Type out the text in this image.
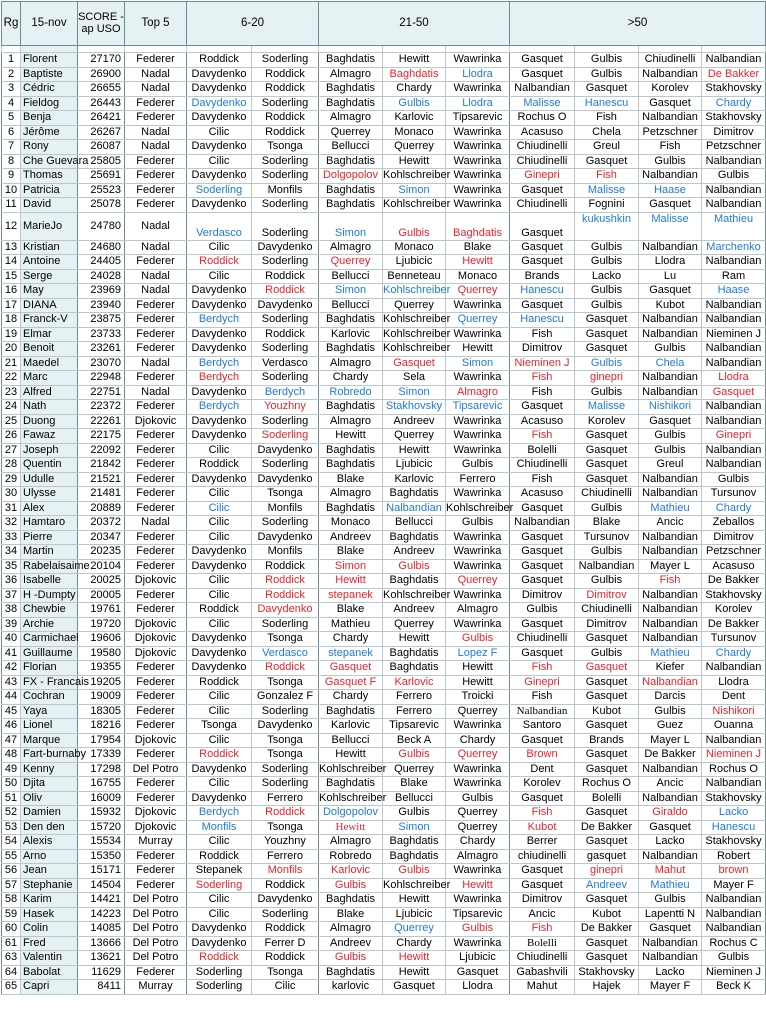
Rg	15-nov	SCORE - ap USO	Top 5	6-20		21-50			>50			

1	Florent	27170	Federer	Roddick	Soderling	Baghdatis	Hewitt	Wawrinka	Gasquet	Gulbis	Chiudinelli	Nalbandian
2	Baptiste	26900	Nadal	Davydenko	Roddick	Almagro	Baghdatis	Llodra	Gasquet	Gulbis	Nalbandian	De Bakker
3	Cédric	26655	Nadal	Davydenko	Roddick	Baghdatis	Chardy	Wawrinka	Nalbandian	Gasquet	Korolev	Stakhovsky
4	Fieldog	26443	Federer	Davydenko	Soderling	Baghdatis	Gulbis	Llodra	Malisse	Hanescu	Gasquet	Chardy
5	Benja	26421	Federer	Davydenko	Roddick	Almagro	Karlovic	Tipsarevic	Rochus O	Fish	Nalbandian	Stakhovsky
6	Jérôme	26267	Nadal	Cilic	Roddick	Querrey	Monaco	Wawrinka	Acasuso	Chela	Petzschner	Dimitrov
7	Rony	26087	Nadal	Davydenko	Tsonga	Bellucci	Querrey	Wawrinka	Chiudinelli	Greul	Fish	Petzschner
8	Che Guevara	25805	Federer	Cilic	Soderling	Baghdatis	Hewitt	Wawrinka	Chiudinelli	Gasquet	Gulbis	Nalbandian
9	Thomas	25691	Federer	Davydenko	Soderling	Dolgopolov	Kohlschreiber	Wawrinka	Ginepri	Fish	Nalbandian	Gulbis
10	Patricia	25523	Federer	Soderling	Monfils	Baghdatis	Simon	Wawrinka	Gasquet	Malisse	Haase	Nalbandian
11	David	25078	Federer	Davydenko	Soderling	Baghdatis	Kohlschreiber	Wawrinka	Chiudinelli	Fognini	Gasquet	Nalbandian
12	MarieJo	24780	Nadal	Verdasco	Soderling	Simon	Gulbis	Baghdatis	Gasquet	kukushkin	Malisse	Mathieu
13	Kristian	24680	Nadal	Cilic	Davydenko	Almagro	Monaco	Blake	Gasquet	Gulbis	Nalbandian	Marchenko
14	Antoine	24405	Federer	Roddick	Soderling	Querrey	Ljubicic	Hewitt	Gasquet	Gulbis	Llodra	Nalbandian
15	Serge	24028	Nadal	Cilic	Roddick	Bellucci	Benneteau	Monaco	Brands	Lacko	Lu	Ram
16	May	23969	Nadal	Davydenko	Roddick	Simon	Kohlschreiber	Querrey	Hanescu	Gulbis	Gasquet	Haase
17	DIANA	23940	Federer	Davydenko	Davydenko	Bellucci	Querrey	Wawrinka	Gasquet	Gulbis	Kubot	Nalbandian
18	Franck-V	23875	Federer	Berdych	Soderling	Baghdatis	Kohlschreiber	Querrey	Hanescu	Gasquet	Nalbandian	Nalbandian
19	Elmar	23733	Federer	Davydenko	Roddick	Karlovic	Kohlschreiber	Wawrinka	Fish	Gasquet	Nalbandian	Nieminen J
20	Benoit	23261	Federer	Davydenko	Soderling	Baghdatis	Kohlschreiber	Hewitt	Dimitrov	Gasquet	Gulbis	Nalbandian
21	Maedel	23070	Nadal	Berdych	Verdasco	Almagro	Gasquet	Simon	Nieminen J	Gulbis	Chela	Nalbandian
22	Marc	22948	Federer	Berdych	Soderling	Chardy	Sela	Wawrinka	Fish	ginepri	Nalbandian	Llodra
23	Alfred	22751	Nadal	Davydenko	Berdych	Robredo	Simon	Almagro	Fish	Gulbis	Nalbandian	Gasquet
24	Nath	22372	Federer	Berdych	Youzhny	Baghdatis	Stakhovsky	Tipsarevic	Gasquet	Malisse	Nishikori	Nalbandian
25	Duong	22261	Djokovic	Davydenko	Soderling	Almagro	Andreev	Wawrinka	Acasuso	Korolev	Gasquet	Nalbandian
26	Fawaz	22175	Federer	Davydenko	Soderling	Hewitt	Querrey	Wawrinka	Fish	Gasquet	Gulbis	Ginepri
27	Joseph	22092	Federer	Cilic	Davydenko	Baghdatis	Hewitt	Wawrinka	Bolelli	Gasquet	Gulbis	Nalbandian
28	Quentin	21842	Federer	Roddick	Soderling	Baghdatis	Ljubicic	Gulbis	Chiudinelli	Gasquet	Greul	Nalbandian
29	Udulle	21521	Federer	Davydenko	Davydenko	Blake	Karlovic	Ferrero	Fish	Gasquet	Nalbandian	Gulbis
30	Ulysse	21481	Federer	Cilic	Tsonga	Almagro	Baghdatis	Wawrinka	Acasuso	Chiudinelli	Nalbandian	Tursunov
31	Alex	20889	Federer	Cilic	Monfils	Baghdatis	Nalbandian	Kohlschreiber	Gasquet	Gulbis	Mathieu	Chardy
32	Hamtaro	20372	Nadal	Cilic	Soderling	Monaco	Bellucci	Gulbis	Nalbandian	Blake	Ancic	Zeballos
33	Pierre	20347	Federer	Cilic	Davydenko	Andreev	Baghdatis	Wawrinka	Gasquet	Tursunov	Nalbandian	Dimitrov
34	Martin	20235	Federer	Davydenko	Monfils	Blake	Andreev	Wawrinka	Gasquet	Gulbis	Nalbandian	Petzschner
35	Rabelaisaime	20104	Federer	Davydenko	Roddick	Simon	Gulbis	Wawrinka	Gasquet	Nalbandian	Mayer L	Acasuso
36	Isabelle	20025	Djokovic	Cilic	Roddick	Hewitt	Baghdatis	Querrey	Gasquet	Gulbis	Fish	De Bakker
37	H -Dumpty	20005	Federer	Cilic	Roddick	stepanek	Kohlschreiber	Wawrinka	Dimitrov	Dimitrov	Nalbandian	Stakhovsky
38	Chewbie	19761	Federer	Roddick	Davydenko	Blake	Andreev	Almagro	Gulbis	Chiudinelli	Nalbandian	Korolev
39	Archie	19720	Djokovic	Cilic	Soderling	Mathieu	Querrey	Wawrinka	Gasquet	Dimitrov	Nalbandian	De Bakker
40	Carmichael	19606	Djokovic	Davydenko	Tsonga	Chardy	Hewitt	Gulbis	Chiudinelli	Gasquet	Nalbandian	Tursunov
41	Guillaume	19580	Djokovic	Davydenko	Verdasco	stepanek	Baghdatis	Lopez F	Gasquet	Gulbis	Mathieu	Chardy
42	Florian	19355	Federer	Davydenko	Roddick	Gasquet	Baghdatis	Hewitt	Fish	Gasquet	Kiefer	Nalbandian
43	FX - Francais	19205	Federer	Roddick	Tsonga	Gasquet F	Karlovic	Hewitt	Ginepri	Gasquet	Nalbandian	Llodra
44	Cochran	19009	Federer	Cilic	Gonzalez F	Chardy	Ferrero	Troicki	Fish	Gasquet	Darcis	Dent
45	Yaya	18305	Federer	Cilic	Soderling	Baghdatis	Ferrero	Querrey	Nalbandian	Kubot	Gulbis	Nishikori
46	Lionel	18216	Federer	Tsonga	Davydenko	Karlovic	Tipsarevic	Wawrinka	Santoro	Gasquet	Guez	Ouanna
47	Marque	17954	Djokovic	Cilic	Tsonga	Bellucci	Beck A	Chardy	Gasquet	Brands	Mayer L	Nalbandian
48	Fart-burnaby	17339	Federer	Roddick	Tsonga	Hewitt	Gulbis	Querrey	Brown	Gasquet	De Bakker	Nieminen J
49	Kenny	17298	Del Potro	Davydenko	Soderling	Kohlschreiber	Querrey	Wawrinka	Dent	Gasquet	Nalbandian	Rochus O
50	Djita	16755	Federer	Cilic	Soderling	Baghdatis	Blake	Wawrinka	Korolev	Rochus O	Ancic	Nalbandian
51	Oliv	16009	Federer	Davydenko	Ferrero	Kohlschreiber	Bellucci	Gulbis	Gasquet	Bolelli	Nalbandian	Stakhovsky
52	Damien	15932	Djokovic	Berdych	Roddick	Dolgopolov	Gulbis	Querrey	Fish	Gasquet	Giraldo	Lacko
53	Den den	15720	Djokovic	Monfils	Tsonga	Hewitt	Simon	Querrey	Kubot	De Bakker	Gasquet	Hanescu
54	Alexis	15534	Murray	Cilic	Youzhny	Almagro	Baghdatis	Chardy	Berrer	Gasquet	Lacko	Stakhovsky
55	Arno	15350	Federer	Roddick	Ferrero	Robredo	Baghdatis	Almagro	chiudinelli	gasquet	Nalbandian	Robert
56	Jean	15171	Federer	Stepanek	Monfils	Karlovic	Gulbis	Wawrinka	Gasquet	ginepri	Mahut	brown
57	Stephanie	14504	Federer	Soderling	Roddick	Gulbis	Kohlschreiber	Hewitt	Gasquet	Andreev	Mathieu	Mayer F
58	Karim	14421	Del Potro	Cilic	Davydenko	Baghdatis	Hewitt	Wawrinka	Dimitrov	Gasquet	Gulbis	Nalbandian
59	Hasek	14223	Del Potro	Cilic	Soderling	Blake	Ljubicic	Tipsarevic	Ancic	Kubot	Lapentti N	Nalbandian
60	Colin	14085	Del Potro	Davydenko	Roddick	Almagro	Querrey	Gulbis	Fish	De Bakker	Gasquet	Nalbandian
61	Fred	13666	Del Potro	Davydenko	Ferrer D	Andreev	Chardy	Wawrinka	Bolelli	Gasquet	Nalbandian	Rochus C
63	Valentin	13621	Del Potro	Roddick	Roddick	Gulbis	Hewitt	Ljubicic	Chiudinelli	Gasquet	Nalbandian	Gulbis
64	Babolat	11629	Federer	Soderling	Tsonga	Baghdatis	Hewitt	Gasquet	Gabashvili	Stakhovsky	Lacko	Nieminen J
65	Capri	8411	Murray	Soderling	Cilic	karlovic	Gasquet	Llodra	Mahut	Hajek	Mayer F	Beck K
